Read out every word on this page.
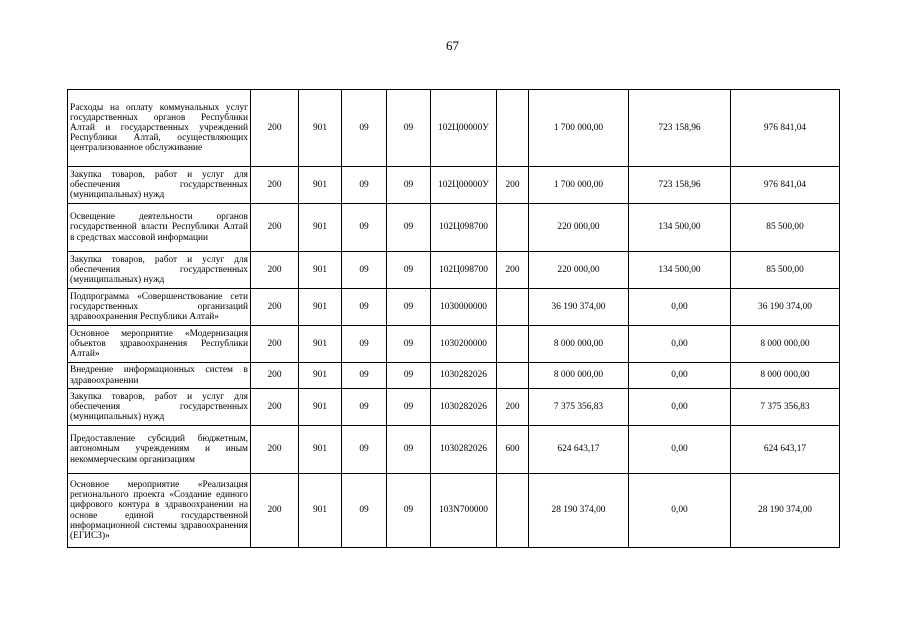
67
Расходы на оплату коммунальных услуг государственных органов Республики Алтай и государственных учреждений Республики Алтай, осуществляющих централизованное обслуживание	200	901	09	09	102Ц00000У		1 700 000,00	723 158,96	976 841,04
Закупка товаров, работ и услуг для обеспечения государственных (муниципальных) нужд	200	901	09	09	102Ц00000У	200	1 700 000,00	723 158,96	976 841,04
Освещение деятельности органов государственной власти Республики Алтай в средствах массовой информации	200	901	09	09	102Ц098700		220 000,00	134 500,00	85 500,00
Закупка товаров, работ и услуг для обеспечения государственных (муниципальных) нужд	200	901	09	09	102Ц098700	200	220 000,00	134 500,00	85 500,00
Подпрограмма «Совершенствование сети государственных организаций здравоохранения Республики Алтай»	200	901	09	09	1030000000		36 190 374,00	0,00	36 190 374,00
Основное мероприятие «Модернизация объектов здравоохранения Республики Алтай»	200	901	09	09	1030200000		8 000 000,00	0,00	8 000 000,00
Внедрение информационных систем в здравоохранении	200	901	09	09	1030282026		8 000 000,00	0,00	8 000 000,00
Закупка товаров, работ и услуг для обеспечения государственных (муниципальных) нужд	200	901	09	09	1030282026	200	7 375 356,83	0,00	7 375 356,83
Предоставление субсидий бюджетным, автономным учреждениям и иным некоммерческим организациям	200	901	09	09	1030282026	600	624 643,17	0,00	624 643,17
Основное мероприятие «Реализация регионального проекта «Создание единого цифрового контура в здравоохранении на основе единой государственной информационной системы здравоохранения (ЕГИСЗ)»	200	901	09	09	103N700000		28 190 374,00	0,00	28 190 374,00
